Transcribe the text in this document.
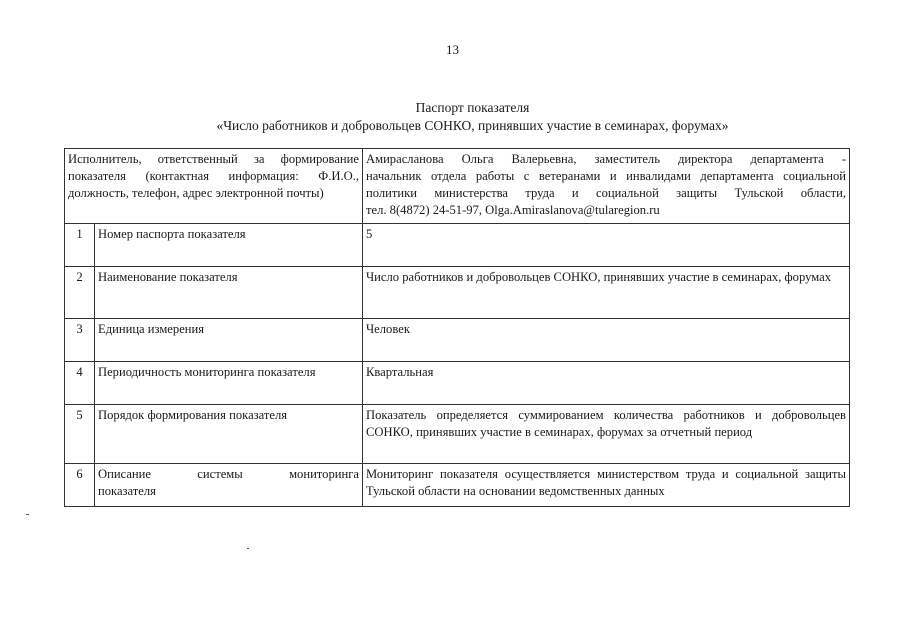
13
Паспорт показателя
«Число работников и добровольцев СОНКО, принявших участие в семинарах, форумах»
Исполнитель, ответственный за формирование показателя (контактная информация: Ф.И.О., должность, телефон, адрес электронной почты)		Амирасланова Ольга Валерьевна, заместитель директора департамента -
начальник отдела работы с ветеранами и инвалидами департамента социальной
политики министерства труда и социальной защиты Тульской области,
тел. 8(4872) 24-51-97, Olga.Amiraslanova@tularegion.ru

1	Номер паспорта показателя	5
2	Наименование показателя	Число работников и добровольцев СОНКО, принявших участие в семинарах, форумах
3	Единица измерения	Человек
4	Периодичность мониторинга показателя	Квартальная
5	Порядок формирования показателя	Показатель определяется суммированием количества работников и добровольцев СОНКО, принявших участие в семинарах, форумах за отчетный период
6	Описание системы мониторинга
показателя	Мониторинг показателя осуществляется министерством труда и социальной защиты Тульской области на основании ведомственных данных
